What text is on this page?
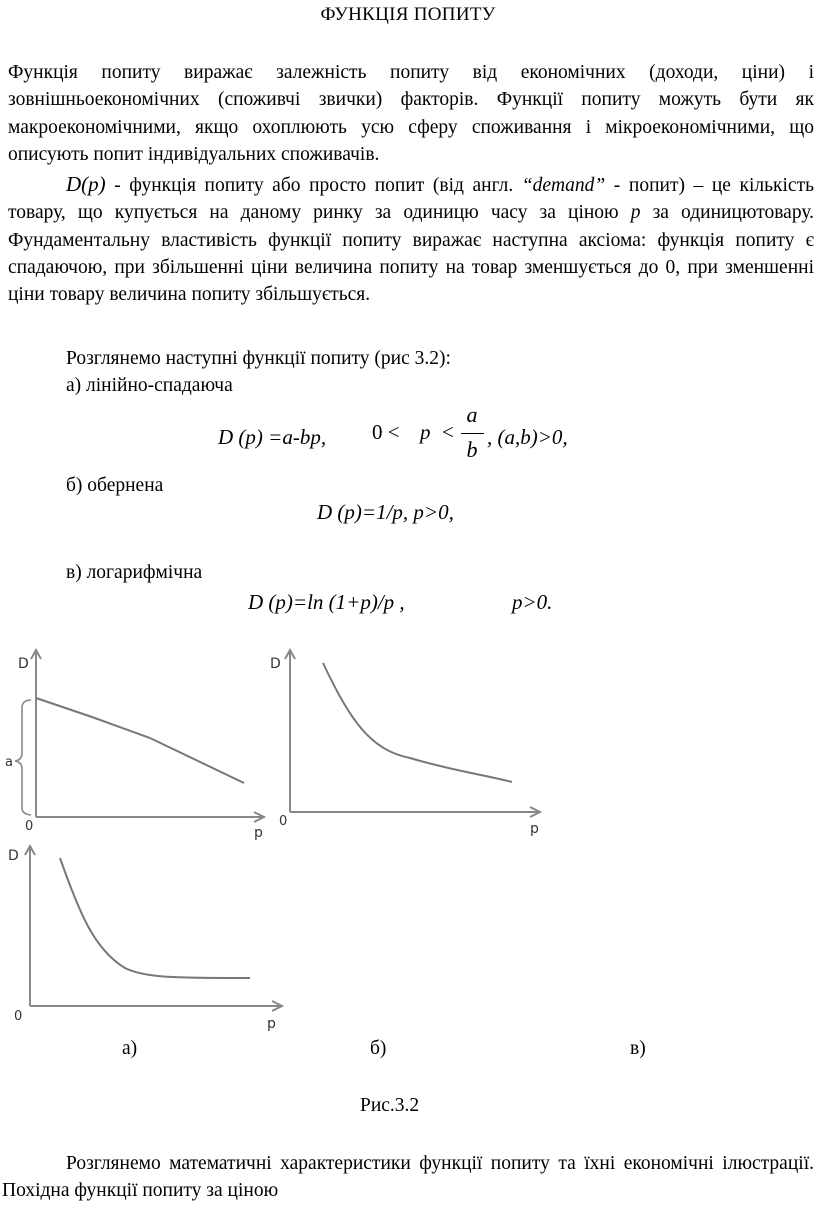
ФУНКЦІЯ ПОПИТУ
Функція попиту виражає залежність попиту від економічних (доходи, ціни) і зовнішньоекономічних (споживчі звички) факторів. Функції попиту можуть бути як макроекономічними, якщо охоплюють усю сферу споживання і мікроекономічними, що описують попит індивідуальних споживачів.
D(p) - функція попиту або просто попит (від англ. “demand” - попит) – це кількість товару, що купується на даному ринку за одиницю часу за ціною p за одиницютовару. Фундаментальну властивість функції попиту виражає наступна аксіома: функція попиту є спадаючою, при збільшенні ціни величина попиту на товар зменшується до 0, при зменшенні ціни товару величина попиту збільшується.
Розглянемо наступні функції попиту (рис 3.2):
а) лінійно-спадаюча
D (p) =a-bp, 0 < p <
a
b , (a,b)>0,
б) обернена
D (p)=1/p, p>0,
в) логарифмічна
D (p)=ln (1+p)/p ,	p>0.
a
D
0	p
D
0	p
D
0	p
а)	б)	в)
Рис.3.2
Розглянемо математичні характеристики функції попиту та їхні економічні ілюстрації. Похідна функції попиту за ціною
